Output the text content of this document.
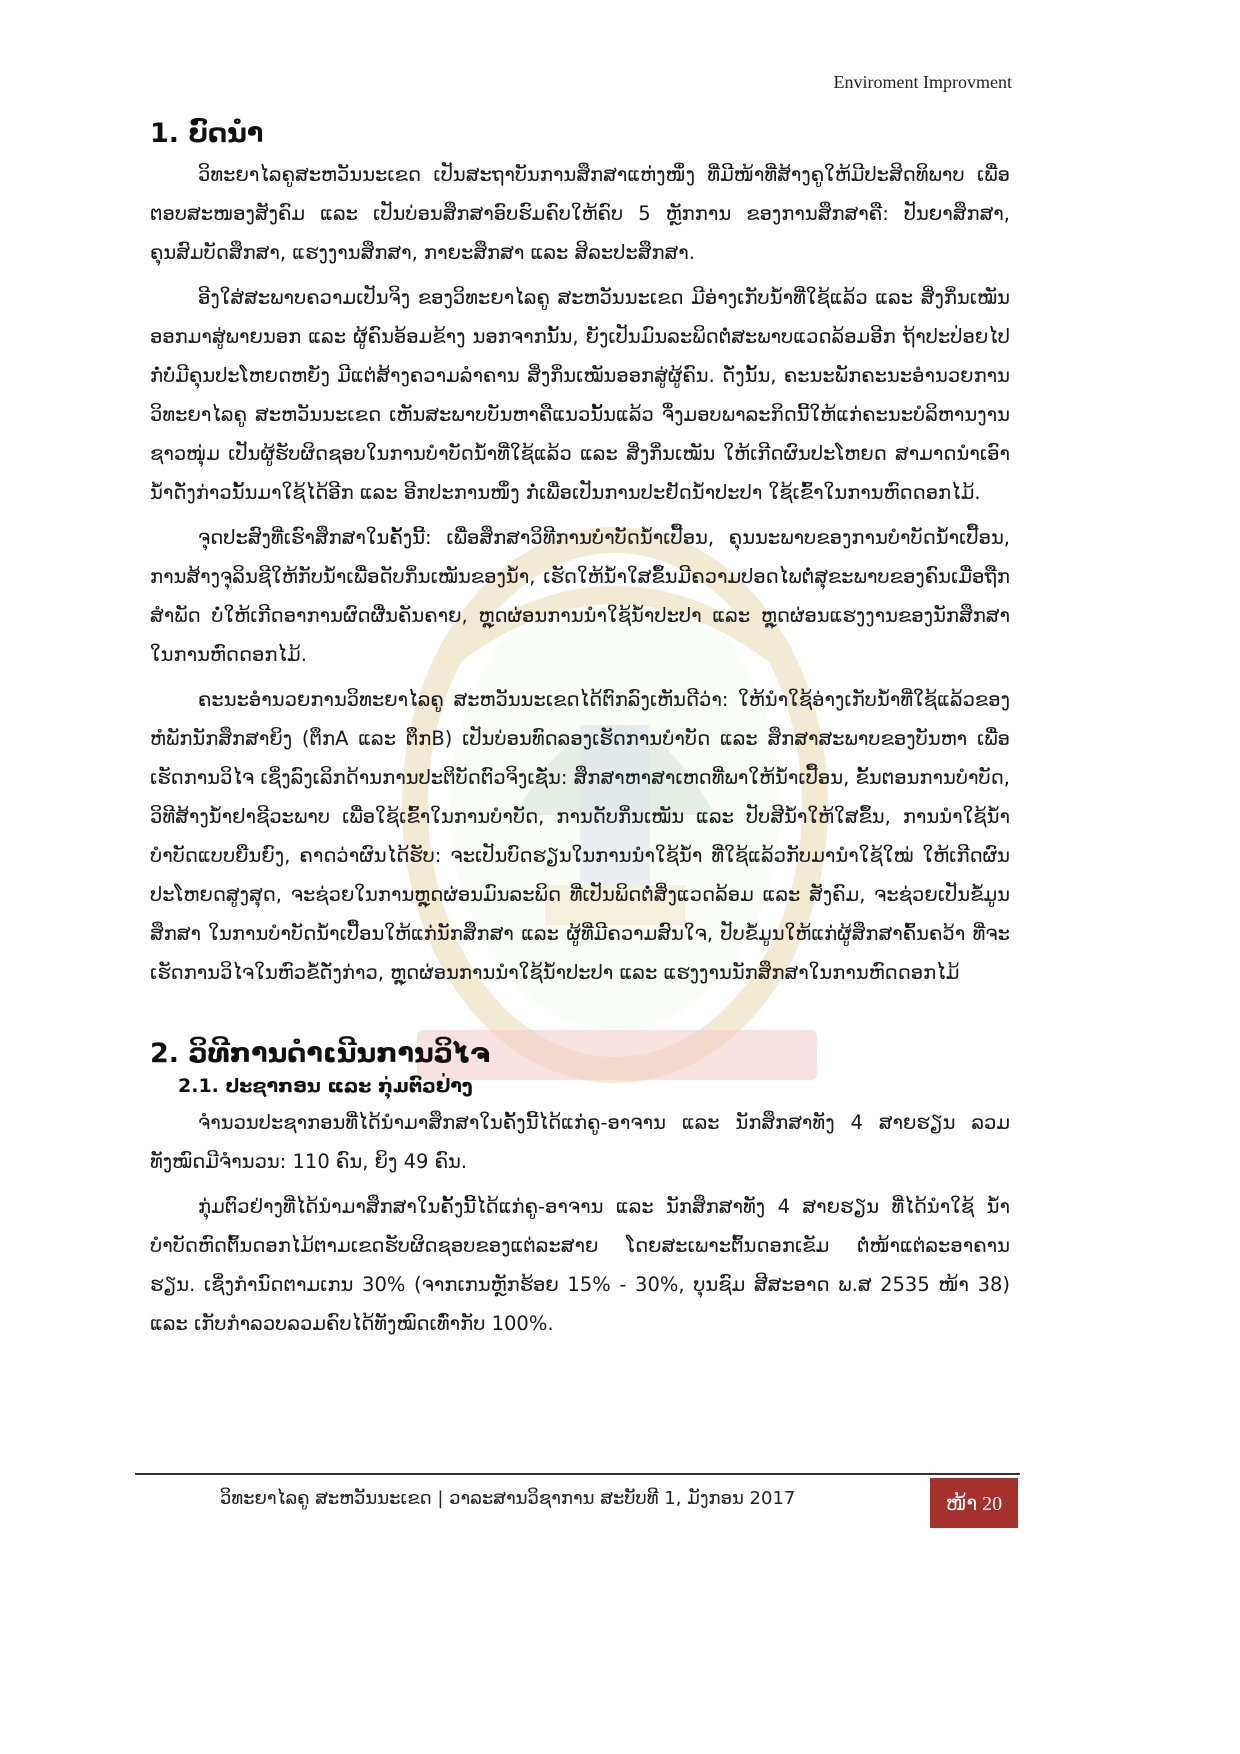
Enviroment Improvment
1. ບົດນຳ

ວິທະຍາໄລຄູສະຫວັນນະເຂດ ເປັນສະຖາບັນການສຶກສາແຫ່ງໜຶ່ງ ທີ່ມີໜ້າທີ່ສ້າງຄູໃຫ້ມີປະສິດທິພາບ ເພື່ອຕອບສະໜອງສັງຄົມ ແລະ ເປັນບ່ອນສຶກສາອົບຮົມຄົບໃຫ້ຄົບ 5 ຫຼັກການ ຂອງການສຶກສາຄື: ປັນຍາສຶກສາ, ຄຸນສົມບັດສຶກສາ, ແຮງງານສຶກສາ, ກາຍະສຶກສາ ແລະ ສິລະປະສຶກສາ.

ອີງໃສ່ສະພາບຄວາມເປັນຈິງ ຂອງວິທະຍາໄລຄູ ສະຫວັນນະເຂດ ມີອ່າງເກັບນ້ຳທີ່ໃຊ້ແລ້ວ ແລະ ສິ່ງກິ່ນເໝັນ ອອກມາສູ່ພາຍນອກ ແລະ ຜູ້ຄົນອ້ອມຂ້າງ ນອກຈາກນັ້ນ, ຍັງເປັນມົນລະພິດຕໍ່ສະພາບແວດລ້ອມອີກ ຖ້າປະປ່ອຍໄປກໍ່ບໍ່ມີຄຸນປະໂຫຍດຫຍັງ ມີແຕ່ສ້າງຄວາມລຳຄານ ສິ່ງກິ່ນເໝັນອອກສູ່ຜູ້ຄົນ. ດັ່ງນັ້ນ, ຄະນະພັກຄະນະອຳນວຍການ ວິທະຍາໄລຄູ ສະຫວັນນະເຂດ ເຫັນສະພາບບັນຫາຄືແນວນັ້ນແລ້ວ ຈຶ່ງມອບພາລະກິດນີ້ໃຫ້ແກ່ຄະນະບໍລິຫານງານຊາວໜຸ່ມ ເປັນຜູ້ຮັບຜິດຊອບໃນການບຳບັດນ້ຳທີ່ໃຊ້ແລ້ວ ແລະ ສິ່ງກິ່ນເໝັນ ໃຫ້ເກີດຜົນປະໂຫຍດ ສາມາດນຳເອົານ້ຳດັ່ງກ່າວນັ້ນມາໃຊ້ໄດ້ອີກ ແລະ ອີກປະການໜຶ່ງ ກໍ່ເພື່ອເປັນການປະຢັດນ້ຳປະປາ ໃຊ້ເຂົ້າໃນການຫົດດອກໄມ້.

ຈຸດປະສົງທີ່ເຮົາສຶກສາໃນຄັ້ງນີ້: ເພື່ອສຶກສາວິທີການບຳບັດນ້ຳເປື້ອນ, ຄຸນນະພາບຂອງການບຳບັດນ້ຳເປື້ອນ, ການສ້າງຈຸລິນຊີໃຫ້ກັບນ້ຳເພື່ອດັບກິ່ນເໝັນຂອງນ້ຳ, ເຮັດໃຫ້ນ້ຳໃສຂຶ້ນມີຄວາມປອດໄພຕໍ່ສຸຂະພາບຂອງຄົນເມື່ອຖືກສຳພັດ ບໍ່ໃຫ້ເກີດອາການຜົດຜື່ນຄັນຄາຍ, ຫຼຸດຜ່ອນການນຳໃຊ້ນ້ຳປະປາ ແລະ ຫຼຸດຜ່ອນແຮງງານຂອງນັກສຶກສາໃນການຫົດດອກໄມ້.

ຄະນະອຳນວຍການວິທະຍາໄລຄູ ສະຫວັນນະເຂດໄດ້ຕົກລົງເຫັນດີວ່າ: ໃຫ້ນຳໃຊ້ອ່າງເກັບນ້ຳທີ່ໃຊ້ແລ້ວຂອງຫໍພັກນັກສຶກສາຍິງ (ຕຶກA ແລະ ຕຶກB) ເປັນບ່ອນທົດລອງເຮັດການບຳບັດ ແລະ ສຶກສາສະພາບຂອງບັນຫາ ເພື່ອເຮັດການວິໄຈ ເຊິ່ງລົງເລິກດ້ານການປະຕິບັດຕົວຈິງເຊັ່ນ: ສຶກສາຫາສາເຫດທີ່ພາໃຫ້ນ້ຳເປື້ອນ, ຂັ້ນຕອນການບຳບັດ, ວິທີສ້າງນ້ຳຢາຊີວະພາບ ເພື່ອໃຊ້ເຂົ້າໃນການບຳບັດ, ການດັບກິ່ນເໝັນ ແລະ ປັບສີນ້ຳໃຫ້ໃສຂຶ້ນ, ການນຳໃຊ້ນ້ຳບຳບັດແບບຍືນຍົງ, ຄາດວ່າຜົນໄດ້ຮັບ: ຈະເປັນບົດຮຽນໃນການນຳໃຊ້ນ້ຳ ທີ່ໃຊ້ແລ້ວກັບມານຳໃຊ້ໃໝ່ ໃຫ້ເກີດຜົນປະໂຫຍດສູງສຸດ, ຈະຊ່ວຍໃນການຫຼຸດຜ່ອນມົນລະພິດ ທີ່ເປັນພິດຕໍ່ສິ່ງແວດລ້ອມ ແລະ ສັງຄົມ, ຈະຊ່ວຍເປັນຂໍ້ມູນສຶກສາ ໃນການບຳບັດນ້ຳເປື້ອນໃຫ້ແກ່ນັກສຶກສາ ແລະ ຜູ້ທີ່ມີຄວາມສົນໃຈ, ປັບຂໍ້ມູນໃຫ້ແກ່ຜູ້ສຶກສາຄົ້ນຄວ້າ ທີ່ຈະເຮັດການວິໄຈໃນຫົວຂໍ້ດັ່ງກ່າວ, ຫຼຸດຜ່ອນການນຳໃຊ້ນ້ຳປະປາ ແລະ ແຮງງານນັກສຶກສາໃນການຫົດດອກໄມ້

2. ວິທີການດຳເນີນການວິໄຈ
2.1. ປະຊາກອນ ແລະ ກຸ່ມຕົວຢ່າງ

ຈຳນວນປະຊາກອນທີ່ໄດ້ນຳມາສຶກສາໃນຄັ້ງນີ້ໄດ້ແກ່ຄູ-ອາຈານ ແລະ ນັກສຶກສາທັງ 4 ສາຍຮຽນ ລວມທັງໝົດມີຈຳນວນ: 110 ຄົນ, ຍິງ 49 ຄົນ.

ກຸ່ມຕົວຢ່າງທີ່ໄດ້ນຳມາສຶກສາໃນຄັ້ງນີ້ໄດ້ແກ່ຄູ-ອາຈານ ແລະ ນັກສຶກສາທັງ 4 ສາຍຮຽນ ທີ່ໄດ້ນຳໃຊ້ ນ້ຳບຳບັດຫົດຕົ້ນດອກໄມ້ຕາມເຂດຮັບຜິດຊອບຂອງແຕ່ລະສາຍ ໂດຍສະເພາະຕົ້ນດອກເຂັມ ຕໍ່ໜ້າແຕ່ລະອາຄານຮຽນ. ເຊິ່ງກຳນົດຕາມເກນ 30% (ຈາກເກນຫຼັກຮ້ອຍ 15% - 30%, ບຸນຊົມ ສີສະອາດ ພ.ສ 2535 ໜ້າ 38) ແລະ ເກັບກຳລວບລວມຄົບໄດ້ທັງໝົດເທົ່າກັບ 100%.

ວິທະຍາໄລຄູ ສະຫວັນນະເຂດ | ວາລະສານວິຊາການ ສະບັບທີ 1, ມັງກອນ 2017	ໜ້າ 20
